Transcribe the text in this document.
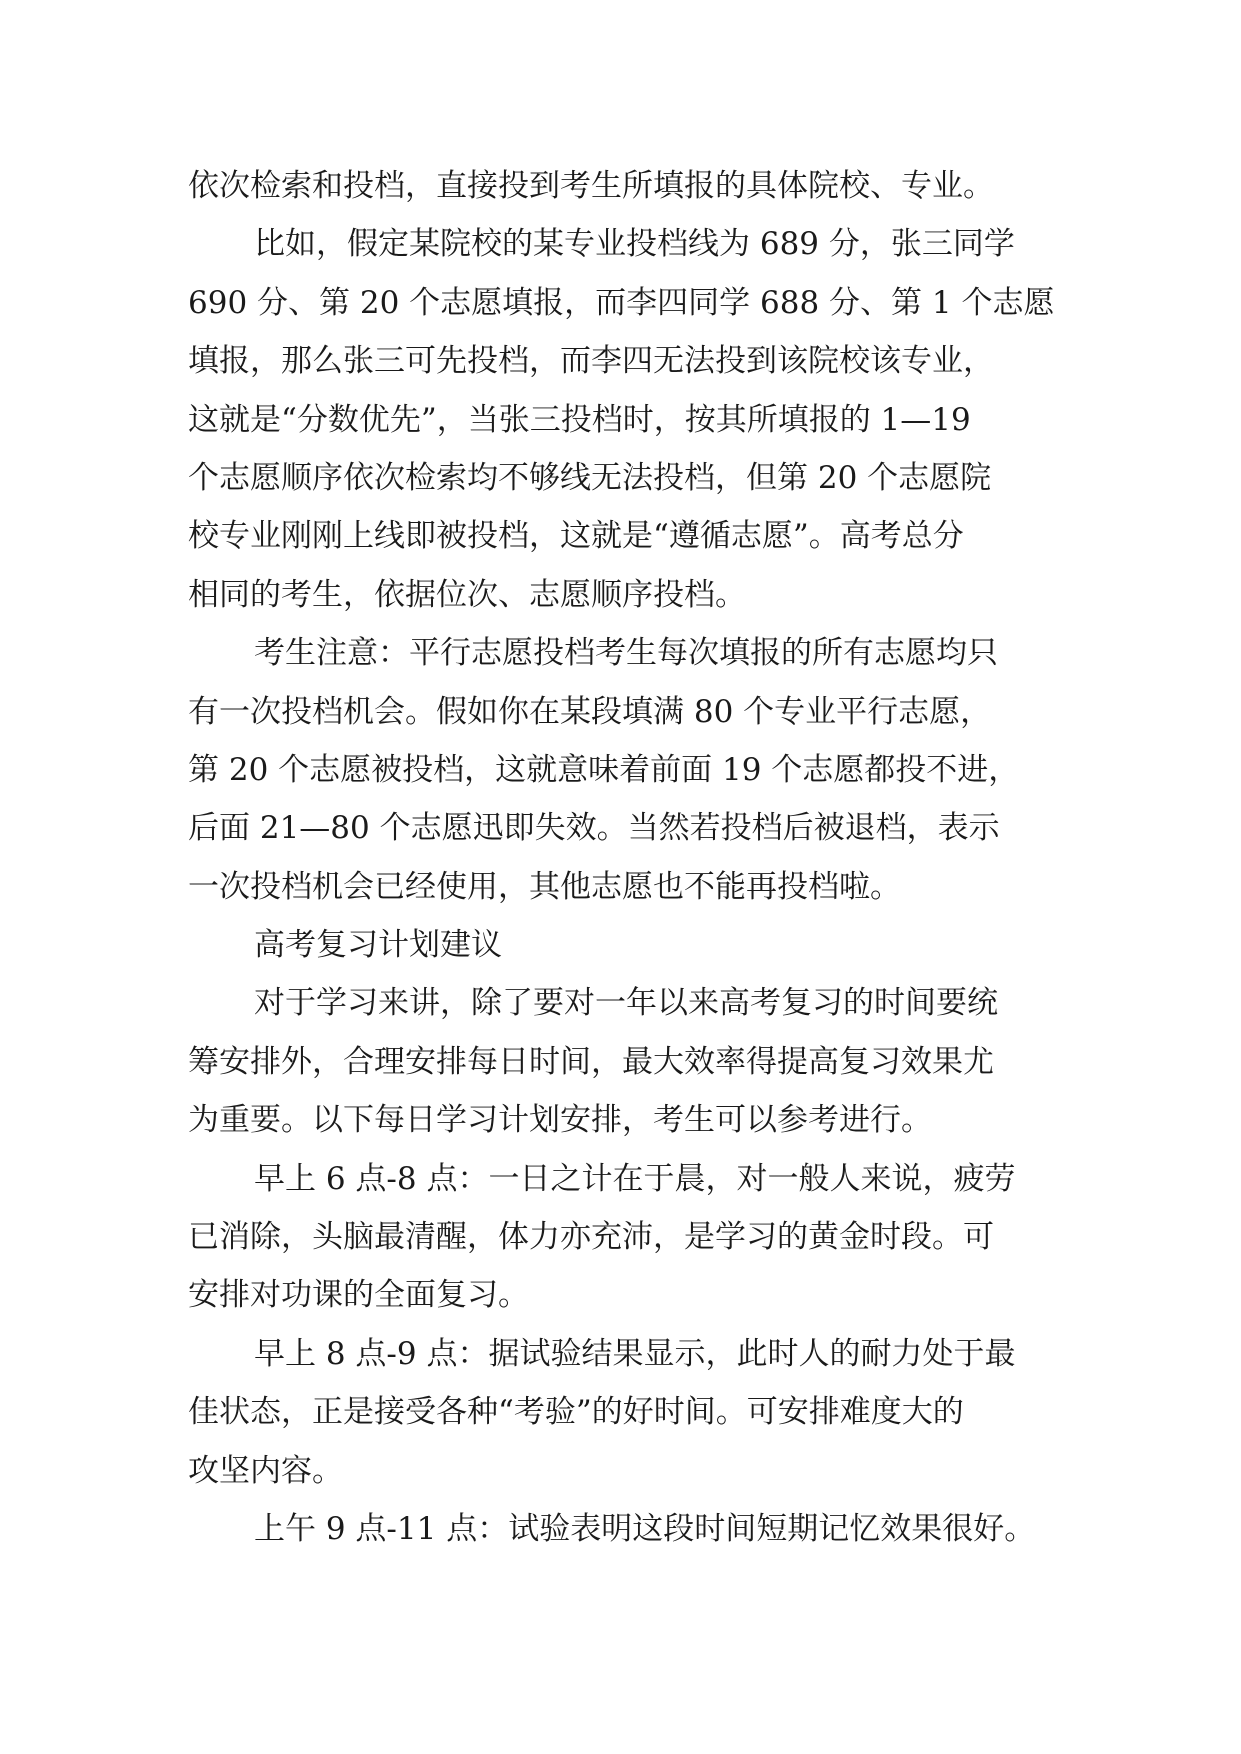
依次检索和投档，直接投到考生所填报的具体院校、专业。
比如，假定某院校的某专业投档线为 689 分，张三同学
690 分、第 20 个志愿填报，而李四同学 688 分、第 1 个志愿
填报，那么张三可先投档，而李四无法投到该院校该专业，
这就是“分数优先”，当张三投档时，按其所填报的 1—19
个志愿顺序依次检索均不够线无法投档，但第 20 个志愿院
校专业刚刚上线即被投档，这就是“遵循志愿”。高考总分
相同的考生，依据位次、志愿顺序投档。
考生注意：平行志愿投档考生每次填报的所有志愿均只
有一次投档机会。假如你在某段填满 80 个专业平行志愿，
第 20 个志愿被投档，这就意味着前面 19 个志愿都投不进，
后面 21—80 个志愿迅即失效。当然若投档后被退档，表示
一次投档机会已经使用，其他志愿也不能再投档啦。
高考复习计划建议
对于学习来讲，除了要对一年以来高考复习的时间要统
筹安排外，合理安排每日时间，最大效率得提高复习效果尤
为重要。以下每日学习计划安排，考生可以参考进行。
早上 6 点-8 点：一日之计在于晨，对一般人来说，疲劳
已消除，头脑最清醒，体力亦充沛，是学习的黄金时段。可
安排对功课的全面复习。
早上 8 点-9 点：据试验结果显示，此时人的耐力处于最
佳状态，正是接受各种“考验”的好时间。可安排难度大的
攻坚内容。
上午 9 点-11 点：试验表明这段时间短期记忆效果很好。
